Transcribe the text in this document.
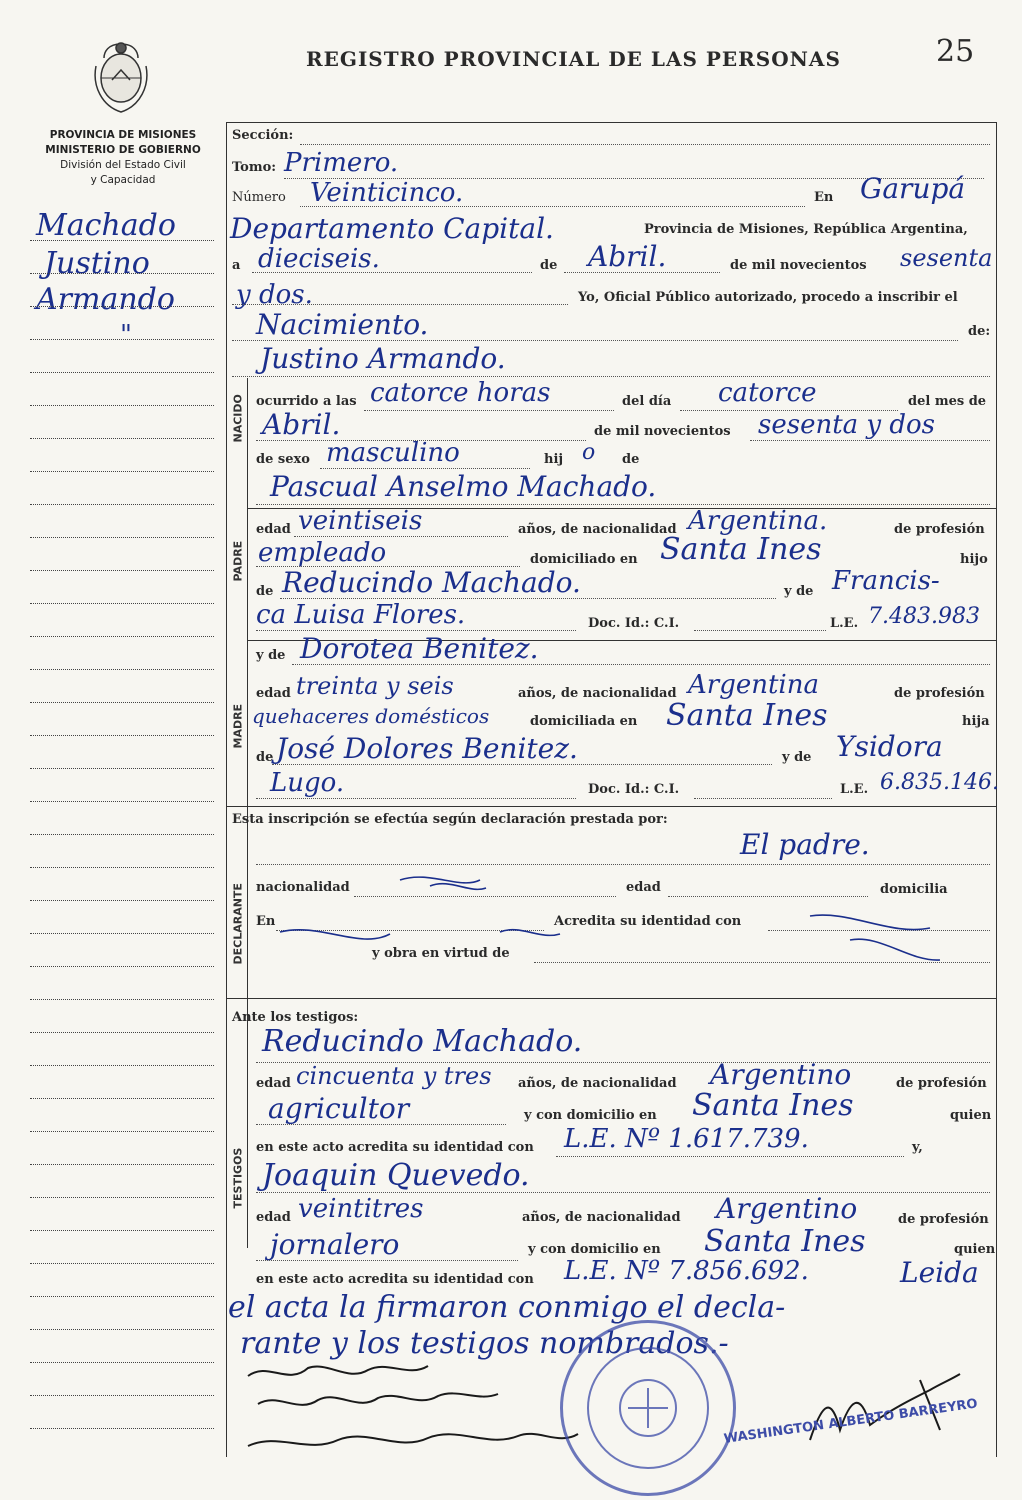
REGISTRO PROVINCIAL DE LAS PERSONAS	25
PROVINCIA DE MISIONES
MINISTERIO DE GOBIERNO
División del Estado Civil
y Capacidad
Machado
Justino
Armando
"
NACIDO
PADRE
MADRE
DECLARANTE
TESTIGOS
Sección:
Tomo: Primero.
Número Veinticinco.	En Garupá
Departamento Capital.	Provincia de Misiones, República Argentina,
a dieciseis.	de Abril.	de mil novecientos sesenta
y dos.	Yo, Oficial Público autorizado, procedo a inscribir el
Nacimiento.	de:
Justino Armando.
ocurrido a las catorce horas	del día catorce	del mes de
Abril.	de mil novecientos sesenta y dos
de sexo masculino	hij o de
Pascual Anselmo Machado.
edad veintiseis	años, de nacionalidad Argentina.	de profesión
empleado	domiciliado en Santa Ines	hijo
de Reducindo Machado.	y de Francis-
ca Luisa Flores.	Doc. Id.: C.I.	L.E. 7.483.983
y de Dorotea Benitez.
edad treinta y seis	años, de nacionalidad Argentina	de profesión
quehaceres domésticos	domiciliada en Santa Ines	hija
de José Dolores Benitez.	y de Ysidora
Lugo.	Doc. Id.: C.I.	L.E. 6.835.146.
Esta inscripción se efectúa según declaración prestada por:
El padre.
nacionalidad	edad	domicilia
En	Acredita su identidad con
y obra en virtud de
Ante los testigos:
Reducindo Machado.
edad cincuenta y tres años, de nacionalidad Argentino	de profesión
agricultor	y con domicilio en Santa Ines	quien
en este acto acredita su identidad con L.E. Nº 1.617.739.	y,
Joaquin Quevedo.
edad veintitres	años, de nacionalidad Argentino	de profesión
jornalero	y con domicilio en Santa Ines	quien
en este acto acredita su identidad con L.E. Nº 7.856.692.	Leida
el acta la firmaron conmigo el decla-
rante y los testigos nombrados.-
WASHINGTON ALBERTO BARREYRO
